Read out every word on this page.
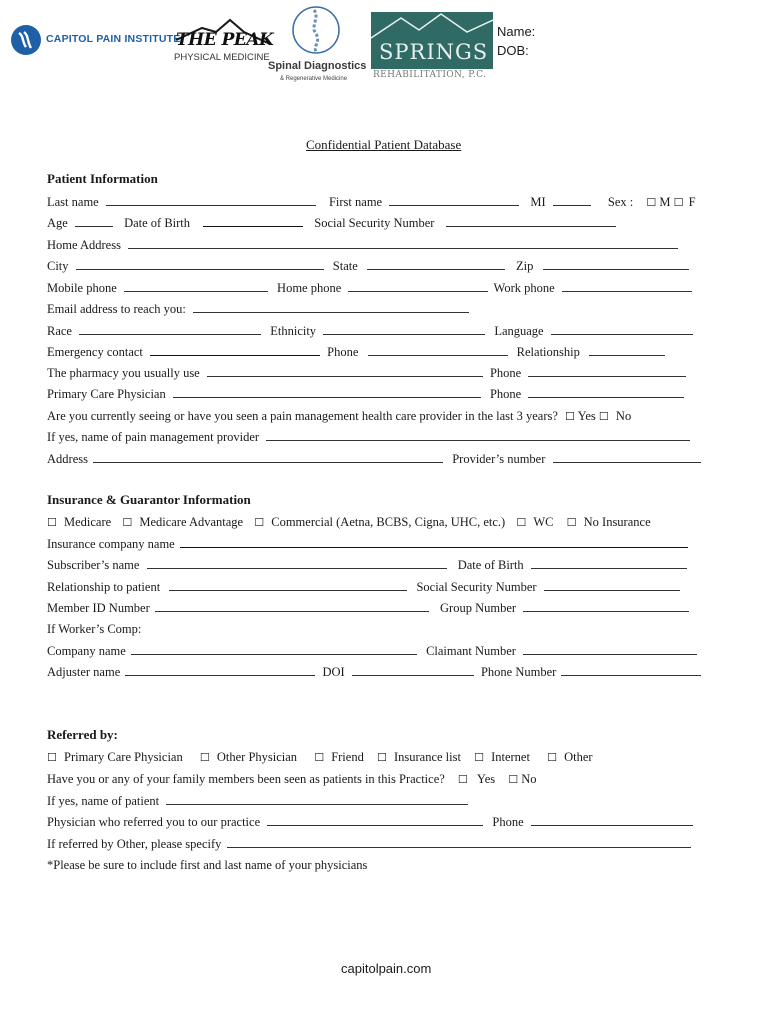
CAPITOL PAIN INSTITUTE
THE PEAK
PHYSICAL MEDICINE
Spinal Diagnostics
& Regenerative Medicine
SPRINGS
REHABILITATION, P.C.
Name:
DOB:
Confidential Patient Database
Patient Information
Last name	First name	MI	Sex : ☐ M ☐ F
Age	Date of Birth	Social Security Number
Home Address
City	State	Zip
Mobile phone	Home phone	Work phone
Email address to reach you:
Race	Ethnicity	Language
Emergency contact	Phone	Relationship
The pharmacy you usually use	Phone
Primary Care Physician	Phone
Are you currently seeing or have you seen a pain management health care provider in the last 3 years? ☐ Yes ☐ No
If yes, name of pain management provider
Address	Provider’s number
Insurance & Guarantor Information
☐ Medicare ☐ Medicare Advantage ☐ Commercial (Aetna, BCBS, Cigna, UHC, etc.) ☐ WC ☐ No Insurance
Insurance company name
Subscriber’s name	Date of Birth
Relationship to patient	Social Security Number
Member ID Number	Group Number
If Worker’s Comp:
Company name	Claimant Number
Adjuster name	DOI	Phone Number
Referred by:
☐ Primary Care Physician ☐ Other Physician ☐ Friend ☐ Insurance list ☐ Internet ☐ Other
Have you or any of your family members been seen as patients in this Practice? ☐ Yes ☐ No
If yes, name of patient
Physician who referred you to our practice	Phone
If referred by Other, please specify
*Please be sure to include first and last name of your physicians
capitolpain.com
